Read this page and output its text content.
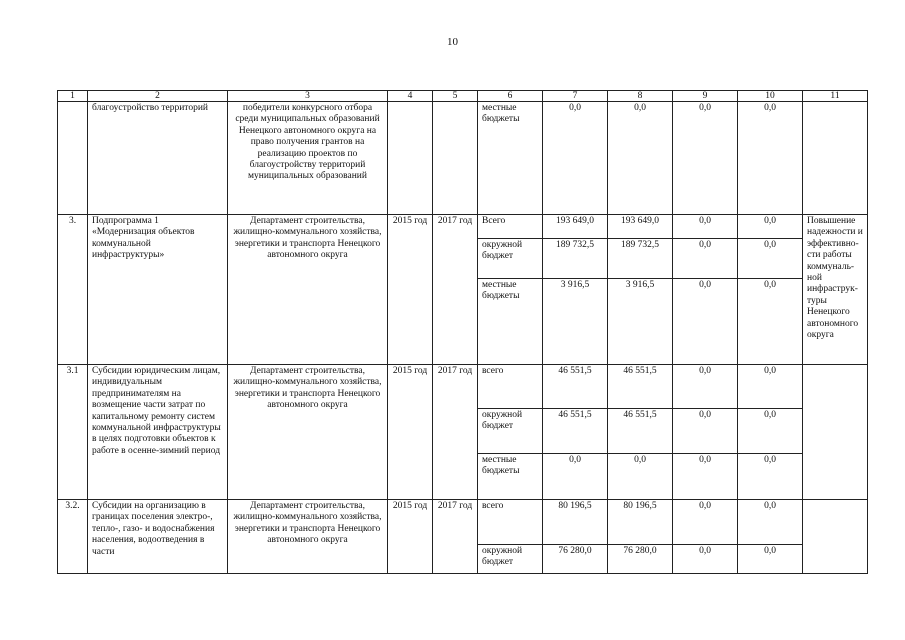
10
1	2	3	4	5	6	7	8	9	10	11
	благоустройство территорий	победители конкурсного отбора среди муниципальных образований Ненецкого автономного округа на право получения грантов на реализацию проектов по благоустройству территорий муниципальных образований			местные бюджеты	0,0	0,0	0,0	0,0	
3.	Подпрограмма 1 «Модернизация объектов коммунальной инфраструктуры»	Департамент строительства, жилищно-коммунального хозяйства, энергетики и транспорта Ненецкого автономного округа	2015 год	2017 год	Всего	193 649,0	193 649,0	0,0	0,0	Повышение надежности и эффективно-сти работы коммуналь-ной инфраструк-туры Ненецкого автономного округа
					окружной бюджет	189 732,5	189 732,5	0,0	0,0	
					местные бюджеты	3 916,5	3 916,5	0,0	0,0	
3.1	Субсидии юридическим лицам, индивидуальным предпринимателям на возмещение части затрат по капитальному ремонту систем коммунальной инфраструктуры в целях подготовки объектов к работе в осенне-зимний период	Департамент строительства, жилищно-коммунального хозяйства, энергетики и транспорта Ненецкого автономного округа	2015 год	2017 год	всего	46 551,5	46 551,5	0,0	0,0	
					окружной бюджет	46 551,5	46 551,5	0,0	0,0	
					местные бюджеты	0,0	0,0	0,0	0,0	
3.2.	Субсидии на организацию в границах поселения электро-, тепло-, газо- и водоснабжения населения, водоотведения в части	Департамент строительства, жилищно-коммунального хозяйства, энергетики и транспорта Ненецкого автономного округа	2015 год	2017 год	всего	80 196,5	80 196,5	0,0	0,0	
					окружной бюджет	76 280,0	76 280,0	0,0	0,0	
